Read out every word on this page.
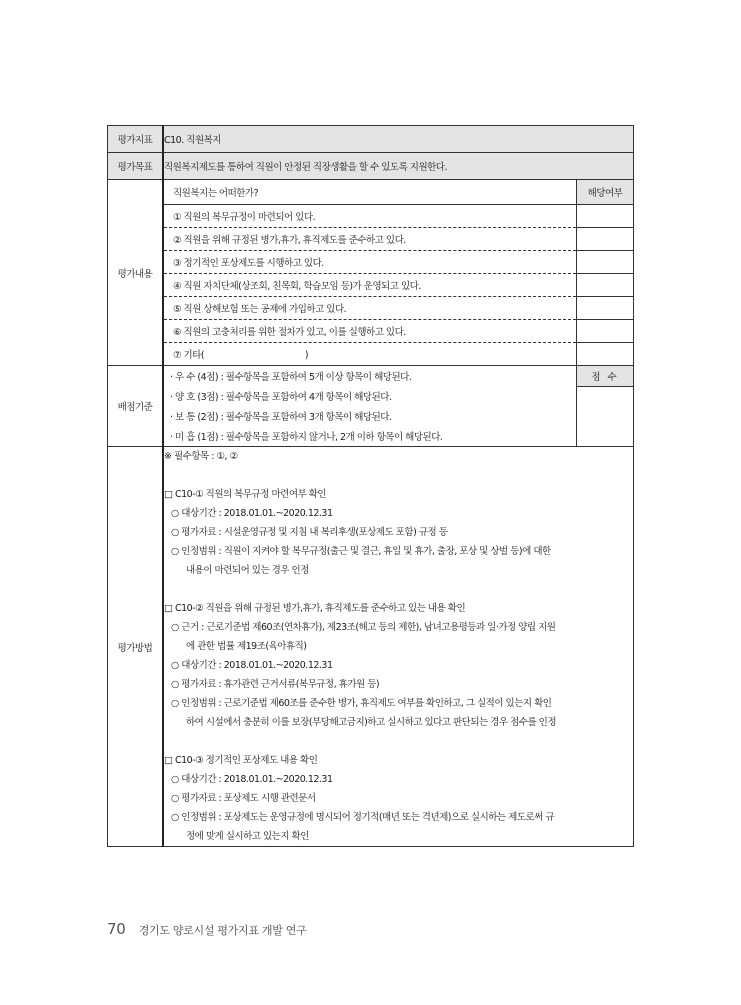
평가지표	C10. 직원복지
평가목표	직원복지제도를 통하여 직원이 안정된 직장생활을 할 수 있도록 지원한다.
평가내용	
직원복지는 어떠한가?	해당여부
① 직원의 복무규정이 마련되어 있다.	
② 직원을 위해 규정된 병가,휴가, 휴직제도를 준수하고 있다.	
③ 정기적인 포상제도를 시행하고 있다.	
④ 직원 자치단체(상조회, 친목회, 학습모임 등)가 운영되고 있다.	
⑤ 직원 상해보험 또는 공제에 가입하고 있다.	
⑥ 직원의 고충처리를 위한 절차가 있고, 이를 실행하고 있다.	
⑦ 기타(                                        )	

배점기준	
· 우 수 (4점) : 필수항목을 포함하여 5개 이상 항목이 해당된다.	점 수
· 양 호 (3점) : 필수항목을 포함하여 4개 항목이 해당된다.	
· 보 통 (2점) : 필수항목을 포함하여 3개 항목이 해당된다.
· 미 흡 (1점) : 필수항목을 포함하지 않거나, 2개 이하 항목이 해당된다.

평가방법	
※ 필수항목 : ①, ②
□ C10-① 직원의 복무규정 마련여부 확인
○ 대상기간 : 2018.01.01.~2020.12.31
○ 평가자료 : 시설운영규정 및 지침 내 복리후생(포상제도 포함) 규정 등
○ 인정범위 : 직원이 지켜야 할 복무규정(출근 및 결근, 휴일 및 휴가, 출장, 포상 및 상벌 등)에 대한
내용이 마련되어 있는 경우 인정
□ C10-② 직원을 위해 규정된 병가,휴가, 휴직제도를 준수하고 있는 내용 확인
○ 근거 : 근로기준법 제60조(연차휴가), 제23조(해고 등의 제한), 남녀고용평등과 일·가정 양립 지원
에 관한 법률 제19조(육아휴직)
○ 대상기간 : 2018.01.01.~2020.12.31
○ 평가자료 : 휴가관련 근거서류(복무규정, 휴가원 등)
○ 인정범위 : 근로기준법 제60조를 준수한 병가, 휴직제도 여부를 확인하고, 그 실적이 있는지 확인
하여 시설에서 충분히 이를 보장(부당해고금지)하고 실시하고 있다고 판단되는 경우 점수를 인정
□ C10-③ 정기적인 포상제도 내용 확인
○ 대상기간 : 2018.01.01.~2020.12.31
○ 평가자료 : 포상제도 시행 관련문서
○ 인정범위 : 포상제도는 운영규정에 명시되어 정기적(매년 또는 격년제)으로 실시하는 제도로써 규
정에 맞게 실시하고 있는지 확인
70 경기도 양로시설 평가지표 개발 연구
